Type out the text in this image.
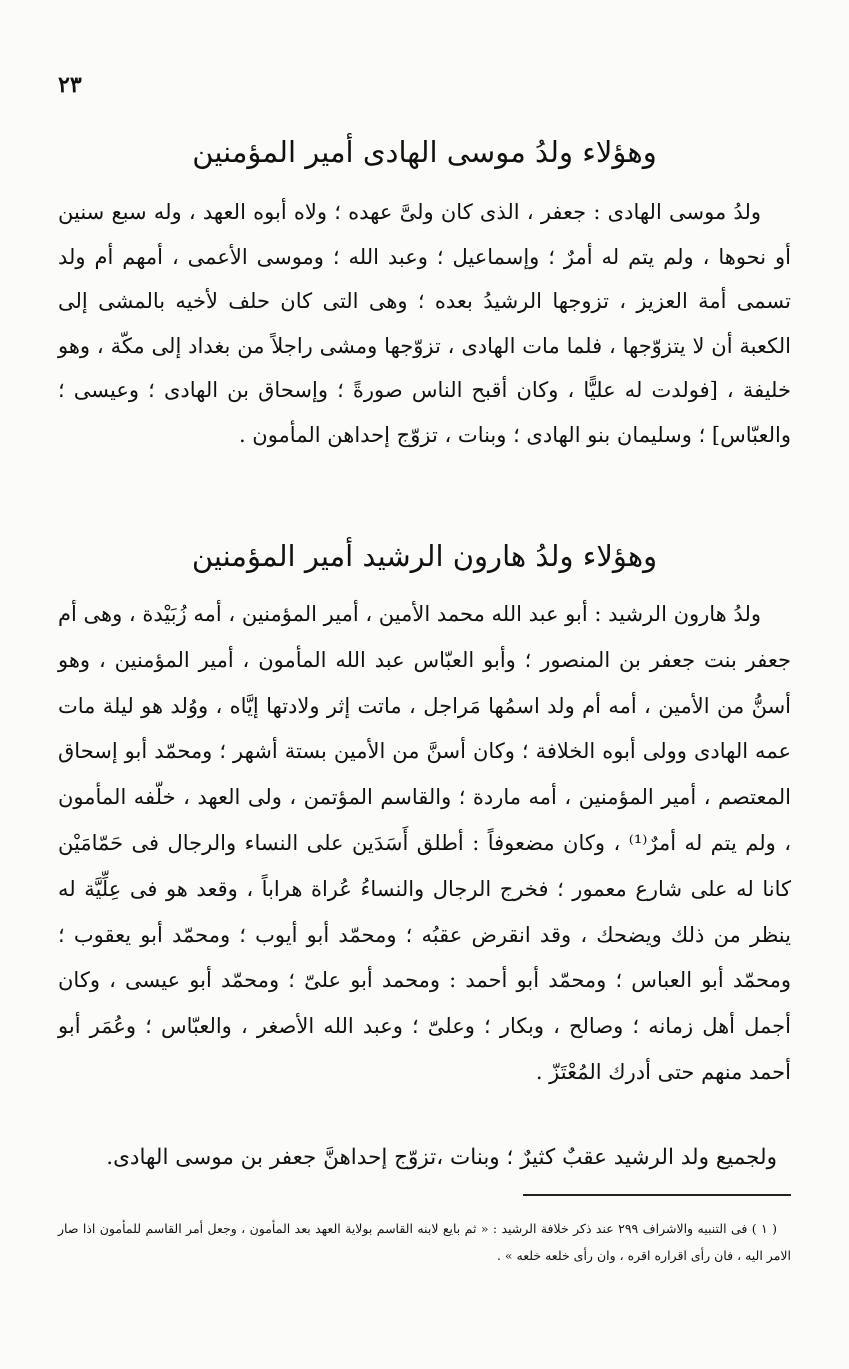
٢٣
وهؤلاء ولدُ موسى الهادى أمير المؤمنين

ولدُ موسى الهادى : جعفر ، الذى كان ولىَّ عهده ؛ ولاه أبوه العهد ، وله سبع سنين أو نحوها ، ولم يتم له أمرٌ ؛ وإسماعيل ؛ وعبد الله ؛ وموسى الأعمى ، أمهم أم ولد تسمى أمة العزيز ، تزوجها الرشيدُ بعده ؛ وهى التى كان حلف لأخيه بالمشى إلى الكعبة أن لا يتزوّجها ، فلما مات الهادى ، تزوّجها ومشى راجلاً من بغداد إلى مكّة ، وهو خليفة ، [فولدت له عليًّا ، وكان أقبح الناس صورةً ؛ وإسحاق بن الهادى ؛ وعيسى ؛ والعبّاس] ؛ وسليمان بنو الهادى ؛ وبنات ، تزوّج إحداهن المأمون .

وهؤلاء ولدُ هارون الرشيد أمير المؤمنين

ولدُ هارون الرشيد : أبو عبد الله محمد الأمين ، أمير المؤمنين ، أمه زُبَيْدة ، وهى أم جعفر بنت جعفر بن المنصور ؛ وأبو العبّاس عبد الله المأمون ، أمير المؤمنين ، وهو أسنُّ من الأمين ، أمه أم ولد اسمُها مَراجل ، ماتت إثر ولادتها إيَّاه ، ووُلد هو ليلة مات عمه الهادى وولى أبوه الخلافة ؛ وكان أسنَّ من الأمين بستة أشهر ؛ ومحمّد أبو إسحاق المعتصم ، أمير المؤمنين ، أمه ماردة ؛ والقاسم المؤتمن ، ولى العهد ، خلّفه المأمون ، ولم يتم له أمرٌ⁽¹⁾ ، وكان مضعوفاً : أطلق أَسَدَين على النساء والرجال فى حَمّامَيْن كانا له على شارع معمور ؛ فخرج الرجال والنساءُ عُراة هراباً ، وقعد هو فى عِلِّيَّة له ينظر من ذلك ويضحك ، وقد انقرض عقبُه ؛ ومحمّد أبو أيوب ؛ ومحمّد أبو يعقوب ؛ ومحمّد أبو العباس ؛ ومحمّد أبو أحمد : ومحمد أبو علىّ ؛ ومحمّد أبو عيسى ، وكان أجمل أهل زمانه ؛ وصالح ، وبكار ؛ وعلىّ ؛ وعبد الله الأصغر ، والعبّاس ؛ وعُمَر أبو أحمد منهم حتى أدرك المُعْتَزّ .

ولجميع ولد الرشيد عقبٌ كثيرٌ ؛ وبنات ،تزوّج إحداهنَّ جعفر بن موسى الهادى.

( ١ ) فى التنبيه والاشراف ٢٩٩ عند ذكر خلافة الرشيد : « ثم بايع لابنه القاسم بولاية العهد بعد المأمون ، وجعل أمر القاسم للمأمون اذا صار الامر اليه ، فان رأى اقراره اقره ، وان رأى خلعه خلعه » .
